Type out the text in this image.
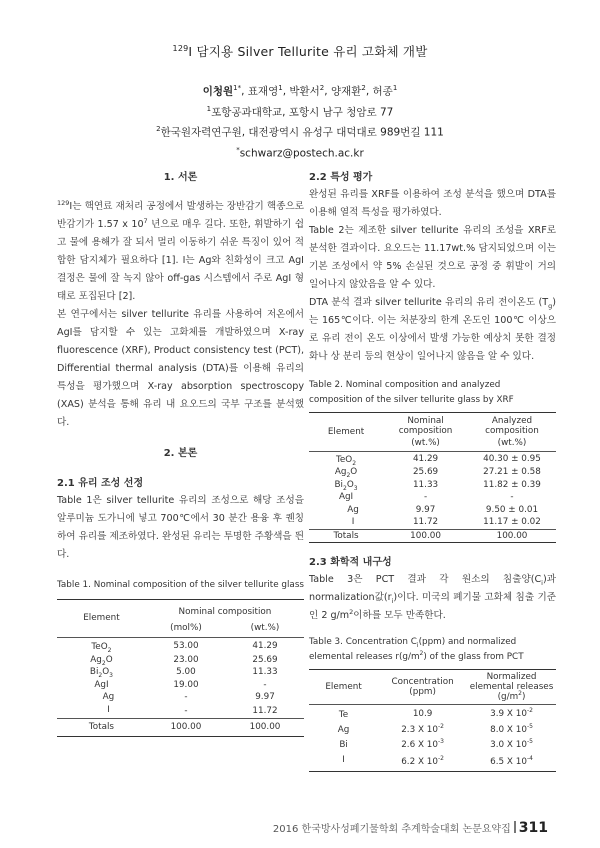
$^{129}$I 담지용 Silver Tellurite 유리 고화체 개발
이청원$^{1*}$, 표재영$^1$, 박환서$^2$, 양재환$^2$, 허종$^1$
$^1$포항공과대학교, 포항시 남구 청암로 77
$^2$한국원자력연구원, 대전광역시 유성구 대덕대로 989번길 111
*schwarz@postech.ac.kr

1. 서론

$^{129}$I는 핵연료 재처리 공정에서 발생하는 장반감기 핵종으로 반감기가 1.57 x $10^7$ 년으로 매우 길다. 또한, 휘발하기 쉽고 물에 용해가 잘 되서 멀리 이동하기 쉬운 특징이 있어 적합한 담지체가 필요하다 [1]. I는 Ag와 친화성이 크고 AgI 결정은 물에 잘 녹지 않아 off-gas 시스템에서 주로 AgI 형태로 포집된다 [2].

본 연구에서는 silver tellurite 유리를 사용하여 저온에서 AgI를 담지할 수 있는 고화체를 개발하였으며 X-ray fluorescence (XRF), Product consistency test (PCT), Differential thermal analysis (DTA)를 이용해 유리의 특성을 평가했으며 X-ray absorption spectroscopy (XAS) 분석을 통해 유리 내 요오드의 국부 구조를 분석했다.

2. 본론

2.1 유리 조성 선정

Table 1은 silver tellurite 유리의 조성으로 해당 조성을 알루미늄 도가니에 넣고 700℃에서 30 분간 용융 후 퀜칭하여 유리를 제조하였다. 완성된 유리는 투명한 주황색을 띈다.

Table 1. Nominal composition of the silver tellurite glass

Element	Nominal composition	
	(mol%)	(wt.%)
TeO$_2$	53.00	41.29
$Ag_2O$	23.00	25.69
$Bi_2O_3$	5.00	11.33
AgI	19.00	-
Ag	-	9.97
I	-	11.72
Totals	100.00	100.00

2.2 특성 평가

완성된 유리를 XRF를 이용하여 조성 분석을 했으며 DTA를 이용해 열적 특성을 평가하였다.

Table 2는 제조한 silver tellurite 유리의 조성을 XRF로 분석한 결과이다. 요오드는 11.17wt.% 담지되었으며 이는 기본 조성에서 약 5% 손실된 것으로 공정 중 휘발이 거의 일어나지 않았음을 알 수 있다.

DTA 분석 결과 silver tellurite 유리의 유리 전이온도 $(T_g)$는 165℃이다. 이는 처분장의 한계 온도인 100℃ 이상으로 유리 전이 온도 이상에서 발생 가능한 예상치 못한 결정화나 상 분리 등의 현상이 일어나지 않음을 알 수 있다.

Table 2. Nominal composition and analyzed composition of the silver tellurite glass by XRF

Element	Nominal composition	Analyzed composition
	(wt.%)	(wt.%)
TeO$_2$	41.29	40.30 ± 0.95
$Ag_2O$	25.69	27.21 ± 0.58
$Bi_2O_3$	11.33	11.82 ± 0.39
AgI	-	-
Ag	9.97	9.50 ± 0.01
I	11.72	11.17 ± 0.02
Totals	100.00	100.00

2.3 화학적 내구성

Table 3은 PCT 결과 각 원소의 침출양$(C_i)$과 normalization값$(r_i)$이다. 미국의 폐기물 고화체 침출 기준인 2 $g/m^2$이하를 모두 만족한다.

Table 3. Concentration $C_i(ppm)$ and normalized elemental releases $r(g/m^2)$ of the glass from PCT

Element	Concentration (ppm)	Normalized elemental releases
$(g/m^2)$
Te	10.9	3.9 X $10^{-2}$
Ag	2.3 X $10^{-2}$	8.0 X $10^{-5}$
Bi	2.6 X $10^{-3}$	3.0 X $10^{-5}$
I	6.2 X $10^{-2}$	6.5 X $10^{-4}$
2016 한국방사성폐기물학회 추계학술대회 논문요약집 311
